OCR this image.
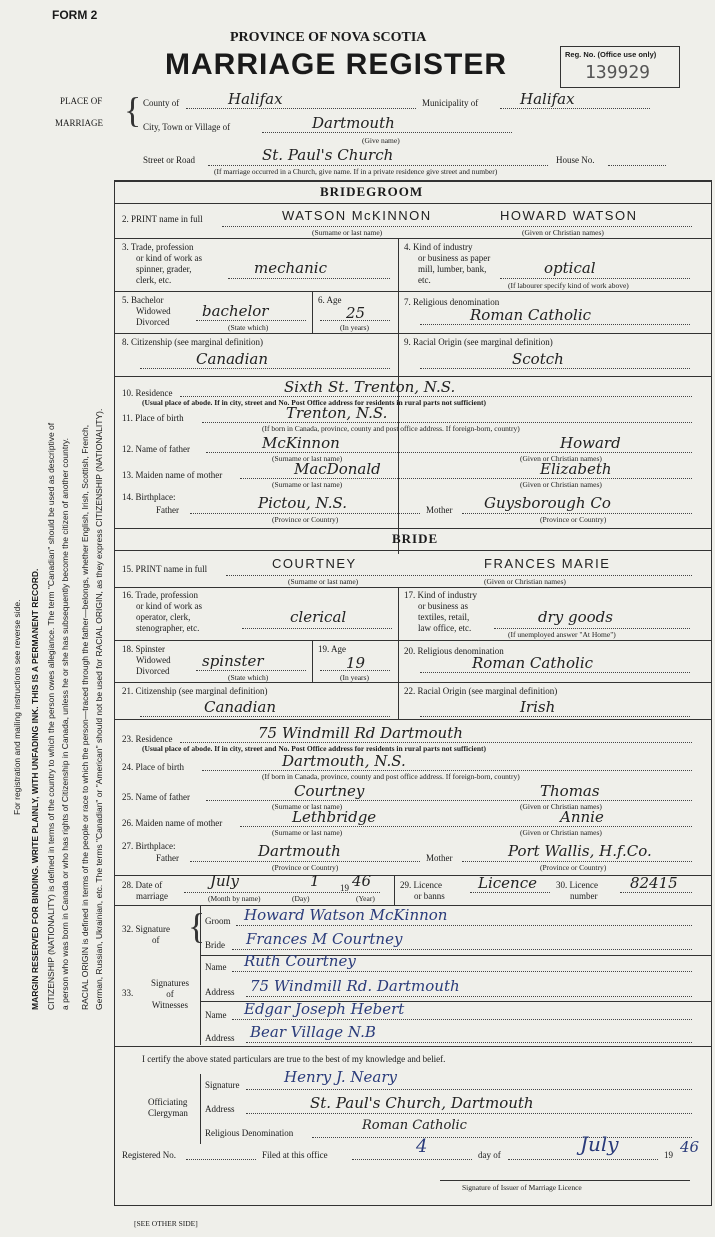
FORM 2
PROVINCE OF NOVA SCOTIA
MARRIAGE REGISTER	Reg. No. (Office use only)
139929
PLACE OF
MARRIAGE { County of	Halifax	Municipality of	Halifax
City, Town or Village of	Dartmouth
(Give name)
Street or Road	St. Paul's Church	House No.
(If marriage occurred in a Church, give name. If in a private residence give street and number)
For registration and mailing instructions see reverse side. MARGIN RESERVED FOR BINDING. WRITE PLAINLY, WITH UNFADING INK. THIS IS A PERMANENT RECORD. CITIZENSHIP (NATIONALITY) is defined in terms of the country to which the person owes allegiance. The term "Canadian" should be used as descriptive of a person who was born in Canada or who has rights of Citizenship in Canada, unless he or she has subsequently become the citizen of another country. RACIAL ORIGIN is defined in terms of the people or race to which the person—traced through the father—belongs, whether English, Irish, Scottish, French, German, Russian, Ukrainian, etc. The terms "Canadian" or "American" should not be used for RACIAL ORIGIN, as they express CITIZENSHIP (NATIONALITY).
BRIDEGROOM
2. PRINT name in full	WATSON McKINNON	HOWARD WATSON
(Surname or last name)	(Given or Christian names)
3. Trade, profession
or kind of work as
spinner, grader,
clerk, etc.
mechanic
4. Kind of industry
or business as paper
mill, lumber, bank,
etc.
optical
(If labourer specify kind of work above)
5. Bachelor
Widowed
Divorced
bachelor
(State which)
6. Age
25
(In years)
7. Religious denomination
Roman Catholic
8. Citizenship (see marginal definition)
Canadian
9. Racial Origin (see marginal definition)
Scotch
10. Residence	Sixth St. Trenton, N.S.
(Usual place of abode. If in city, street and No. Post Office address for residents in rural parts not sufficient)
11. Place of birth	Trenton, N.S.
(If born in Canada, province, county and post office address. If foreign-born, country)
12. Name of father	McKinnon	Howard
(Surname or last name)	(Given or Christian names)
13. Maiden name of mother	MacDonald	Elizabeth
(Surname or last name)	(Given or Christian names)
14. Birthplace:
Father	Pictou, N.S.	Mother Guysborough Co
(Province or Country)	(Province or Country)
BRIDE
15. PRINT name in full	COURTNEY	FRANCES MARIE
(Surname or last name)	(Given or Christian names)
16. Trade, profession
or kind of work as
operator, clerk,
stenographer, etc.
clerical
17. Kind of industry
or business as
textiles, retail,
law office, etc.
dry goods
(If unemployed answer "At Home")
18. Spinster
Widowed
Divorced
spinster
(State which)
19. Age
19
(In years)
20. Religious denomination
Roman Catholic
21. Citizenship (see marginal definition)
Canadian
22. Racial Origin (see marginal definition)
Irish
23. Residence	75 Windmill Rd Dartmouth
(Usual place of abode. If in city, street and No. Post Office address for residents in rural parts not sufficient)
24. Place of birth	Dartmouth, N.S.
(If born in Canada, province, county and post office address. If foreign-born, country)
25. Name of father	Courtney	Thomas
(Surname or last name)	(Given or Christian names)
26. Maiden name of mother	Lethbridge	Annie
(Surname or last name)	(Given or Christian names)
27. Birthplace:
Father	Dartmouth	Mother	Port Wallis, H.f.Co.
(Province or Country)	(Province or Country)
28. Date of
marriage
July	1 19 46
(Month by name)	(Day)	(Year)
29. Licence
or banns
Licence 30. Licence
number
82415
32. Signature
of { Groom Howard Watson McKinnon
Bride Frances M Courtney
33.
Signatures
of
Witnesses
Name Ruth Courtney
Address 75 Windmill Rd. Dartmouth
Name Edgar Joseph Hebert
Address Bear Village N.B
I certify the above stated particulars are true to the best of my knowledge and belief.
Officiating
Clergyman
Signature	Henry J. Neary
Address	St. Paul's Church, Dartmouth
Religious Denomination	Roman Catholic
Registered No.	Filed at this office	4	day of	July	19 46
Signature of Issuer of Marriage Licence
[SEE OTHER SIDE]
